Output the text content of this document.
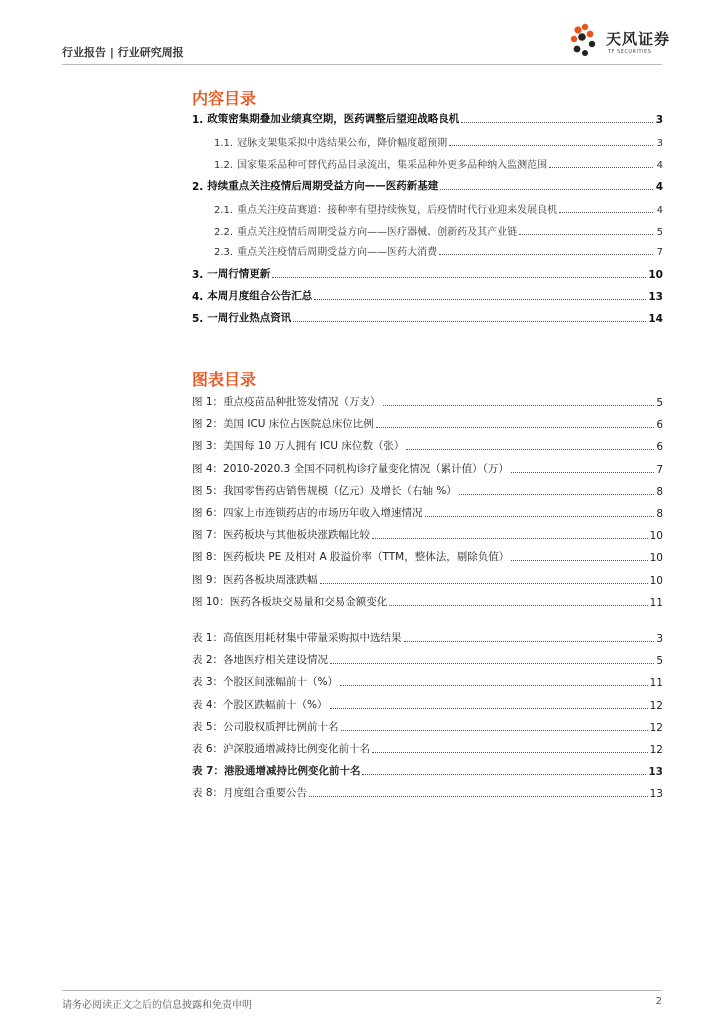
行业报告 | 行业研究周报
天风证券
TF SECURITIES
内容目录
1. 政策密集期叠加业绩真空期，医药调整后望迎战略良机	3
1.1. 冠脉支架集采拟中选结果公布，降价幅度超预期	3
1.2. 国家集采品种可替代药品目录流出，集采品种外更多品种纳入监测范围	4
2. 持续重点关注疫情后周期受益方向——医药新基建	4
2.1. 重点关注疫苗赛道：接种率有望持续恢复，后疫情时代行业迎来发展良机	4
2.2. 重点关注疫情后周期受益方向——医疗器械、创新药及其产业链	5
2.3. 重点关注疫情后周期受益方向——医药大消费	7
3. 一周行情更新	10
4. 本周月度组合公告汇总	13
5. 一周行业热点资讯	14
图表目录
图 1：重点疫苗品种批签发情况（万支）	5
图 2：美国 ICU 床位占医院总床位比例	6
图 3：美国每 10 万人拥有 ICU 床位数（张）	6
图 4：2010-2020.3 全国不同机构诊疗量变化情况（累计值）（万）	7
图 5：我国零售药店销售规模（亿元）及增长（右轴 %）	8
图 6：四家上市连锁药店的市场历年收入增速情况	8
图 7：医药板块与其他板块涨跌幅比较	10
图 8：医药板块 PE 及相对 A 股溢价率（TTM，整体法，剔除负值）	10
图 9：医药各板块周涨跌幅	10
图 10：医药各板块交易量和交易金额变化	11
表 1：高值医用耗材集中带量采购拟中选结果	3
表 2：各地医疗相关建设情况	5
表 3：个股区间涨幅前十（%）	11
表 4：个股区跌幅前十（%）	12
表 5：公司股权质押比例前十名	12
表 6：沪深股通增减持比例变化前十名	12
表 7：港股通增减持比例变化前十名	13
表 8：月度组合重要公告	13
请务必阅读正文之后的信息披露和免责申明	2
